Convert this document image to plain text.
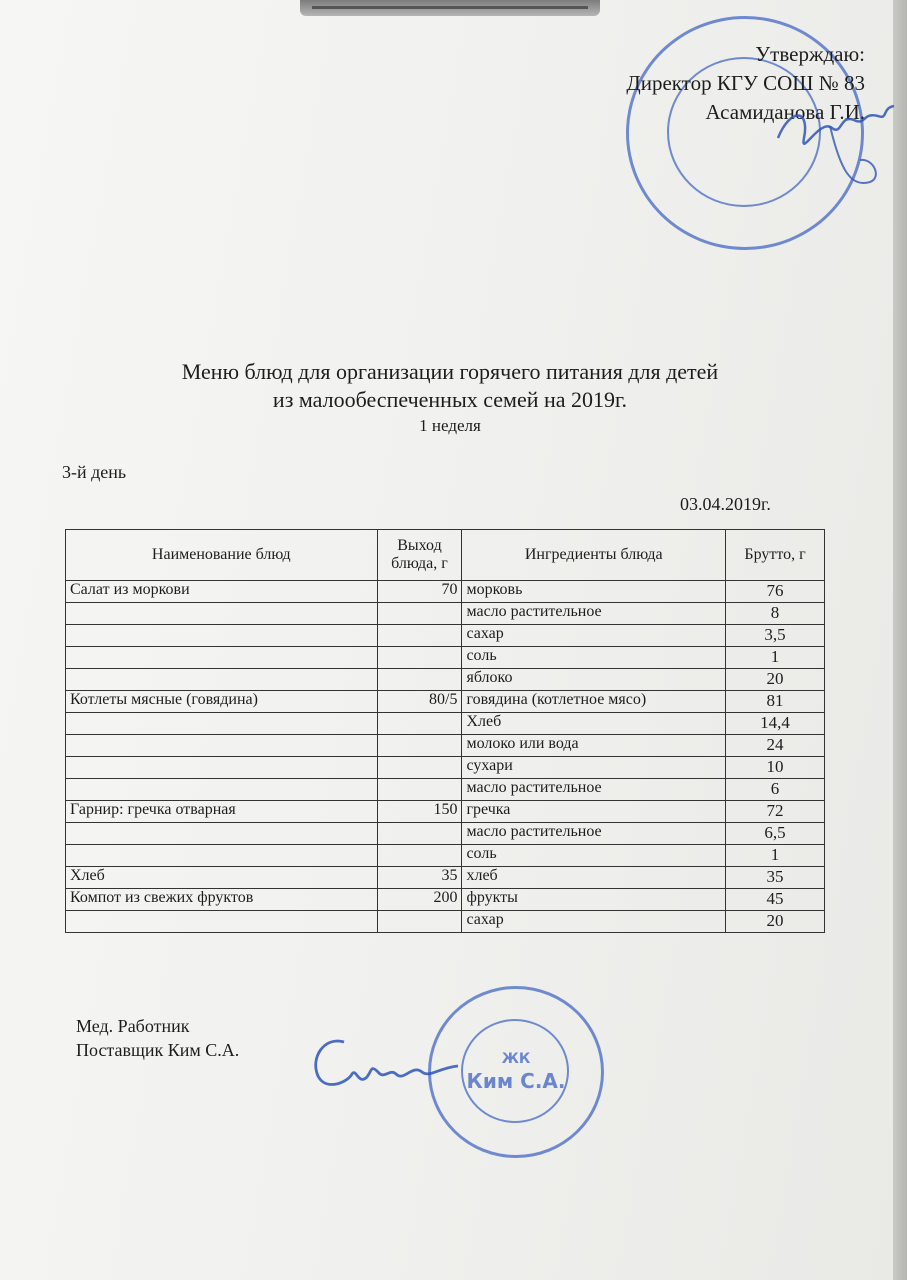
Утверждаю:
Директор КГУ СОШ № 83
Асамиданова Г.И.
Меню блюд для организации горячего питания для детей
из малообеспеченных семей на 2019г.
1 неделя
3-й день
03.04.2019г.
Наименование блюд	Выход блюда, г	Ингредиенты блюда	Брутто, г
Салат из моркови	70	морковь	76
		масло растительное	8
		сахар	3,5
		соль	1
		яблоко	20
Котлеты мясные (говядина)	80/5	говядина (котлетное мясо)	81
		Хлеб	14,4
		молоко или вода	24
		сухари	10
		масло растительное	6
Гарнир: гречка отварная	150	гречка	72
		масло растительное	6,5
		соль	1
Хлеб	35	хлеб	35
Компот из свежих фруктов	200	фрукты	45
		сахар	20
Мед. Работник
Поставщик Ким С.А.	ЖК
Ким С.А.
